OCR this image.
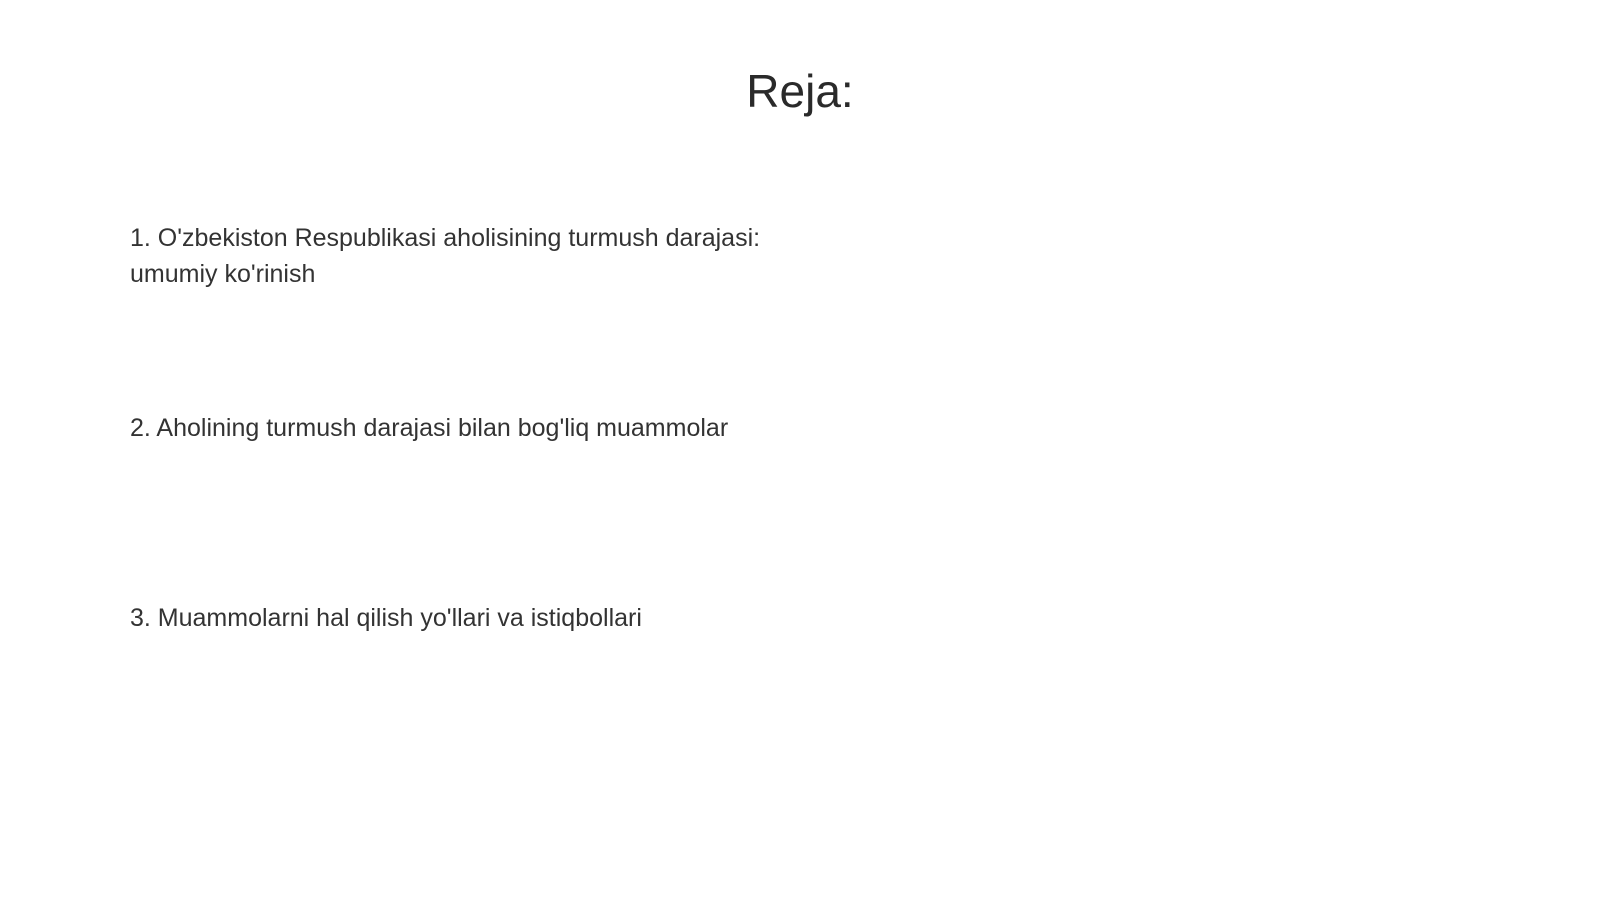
Reja:
1. O'zbekiston Respublikasi aholisining turmush darajasi:
umumiy ko'rinish
2. Aholining turmush darajasi bilan bog'liq muammolar
3. Muammolarni hal qilish yo'llari va istiqbollari
